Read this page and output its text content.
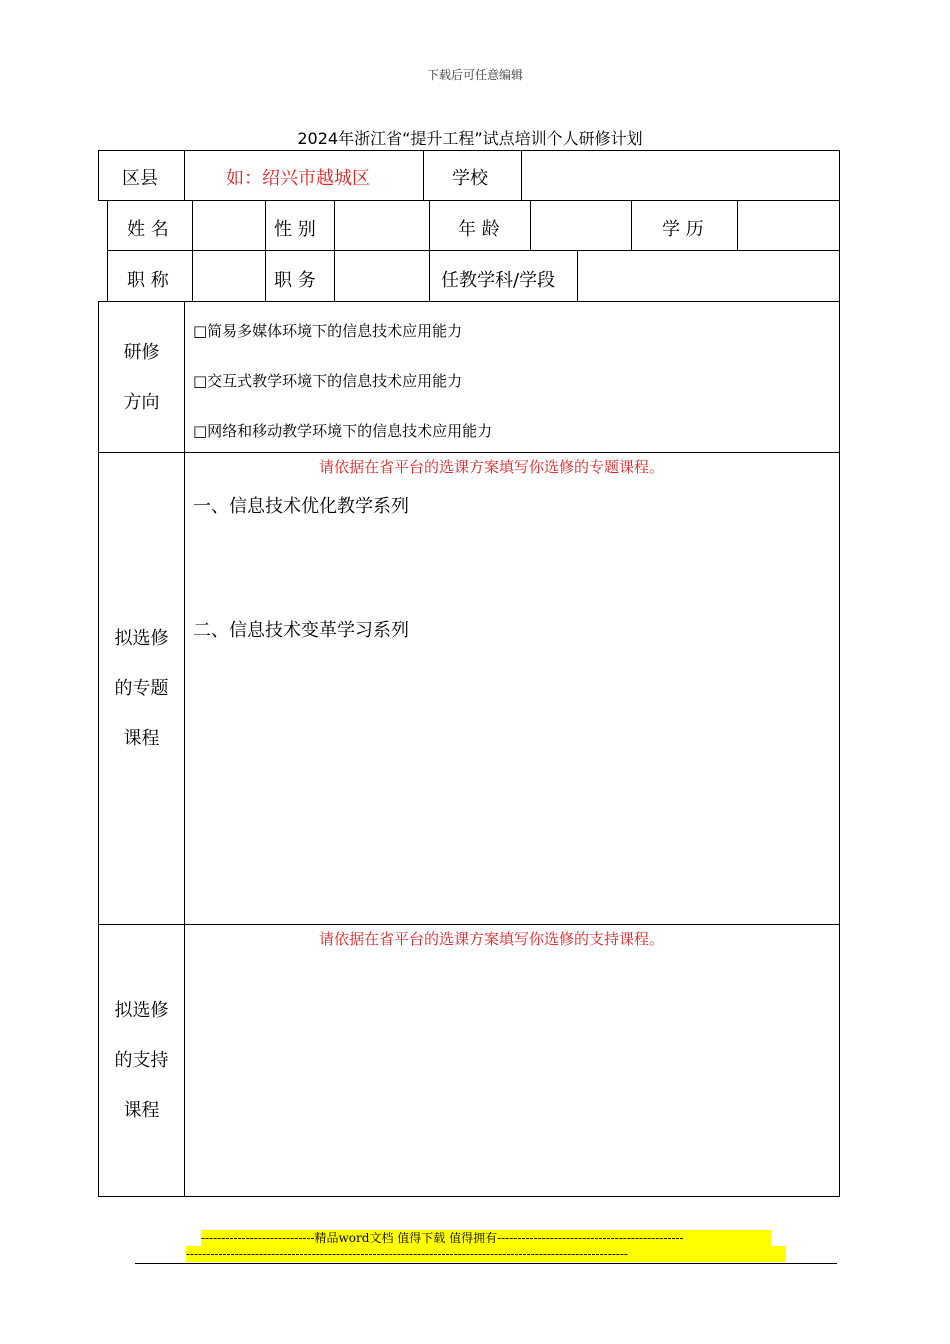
下载后可任意编辑
2024年浙江省“提升工程”试点培训个人研修计划
区县	如：绍兴市越城区	学校
姓 名	性 别	年 龄	学 历
职 称	职 务	任教学科/学段
研修
方向
□简易多媒体环境下的信息技术应用能力
□交互式教学环境下的信息技术应用能力
□网络和移动教学环境下的信息技术应用能力
拟选修
的专题
课程
请依据在省平台的选课方案填写你选修的专题课程。
一、信息技术优化教学系列
二、信息技术变革学习系列
拟选修
的支持
课程
请依据在省平台的选课方案填写你选修的支持课程。
----------------------------精品word文档 值得下载 值得拥有----------------------------------------------
-------------------------------------------------------------------------------------------------------------
